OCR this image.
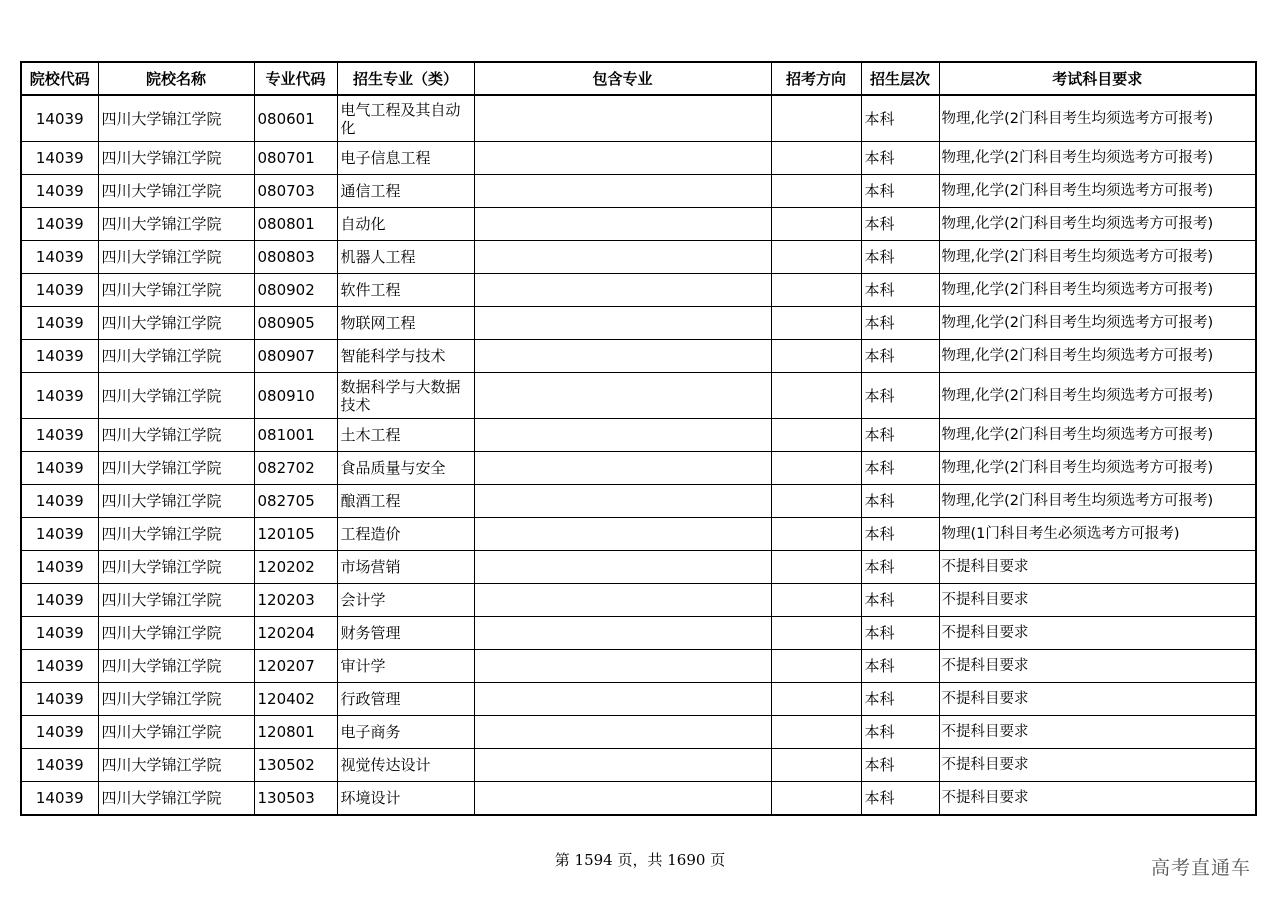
院校代码	院校名称	专业代码	招生专业（类）	包含专业	招考方向	招生层次	考试科目要求
14039	四川大学锦江学院	080601	电气工程及其自动化			本科	物理,化学(2门科目考生均须选考方可报考)
14039	四川大学锦江学院	080701	电子信息工程			本科	物理,化学(2门科目考生均须选考方可报考)
14039	四川大学锦江学院	080703	通信工程			本科	物理,化学(2门科目考生均须选考方可报考)
14039	四川大学锦江学院	080801	自动化			本科	物理,化学(2门科目考生均须选考方可报考)
14039	四川大学锦江学院	080803	机器人工程			本科	物理,化学(2门科目考生均须选考方可报考)
14039	四川大学锦江学院	080902	软件工程			本科	物理,化学(2门科目考生均须选考方可报考)
14039	四川大学锦江学院	080905	物联网工程			本科	物理,化学(2门科目考生均须选考方可报考)
14039	四川大学锦江学院	080907	智能科学与技术			本科	物理,化学(2门科目考生均须选考方可报考)
14039	四川大学锦江学院	080910	数据科学与大数据技术			本科	物理,化学(2门科目考生均须选考方可报考)
14039	四川大学锦江学院	081001	土木工程			本科	物理,化学(2门科目考生均须选考方可报考)
14039	四川大学锦江学院	082702	食品质量与安全			本科	物理,化学(2门科目考生均须选考方可报考)
14039	四川大学锦江学院	082705	酿酒工程			本科	物理,化学(2门科目考生均须选考方可报考)
14039	四川大学锦江学院	120105	工程造价			本科	物理(1门科目考生必须选考方可报考)
14039	四川大学锦江学院	120202	市场营销			本科	不提科目要求
14039	四川大学锦江学院	120203	会计学			本科	不提科目要求
14039	四川大学锦江学院	120204	财务管理			本科	不提科目要求
14039	四川大学锦江学院	120207	审计学			本科	不提科目要求
14039	四川大学锦江学院	120402	行政管理			本科	不提科目要求
14039	四川大学锦江学院	120801	电子商务			本科	不提科目要求
14039	四川大学锦江学院	130502	视觉传达设计			本科	不提科目要求
14039	四川大学锦江学院	130503	环境设计			本科	不提科目要求
第 1594 页，共 1690 页	高考直通车
